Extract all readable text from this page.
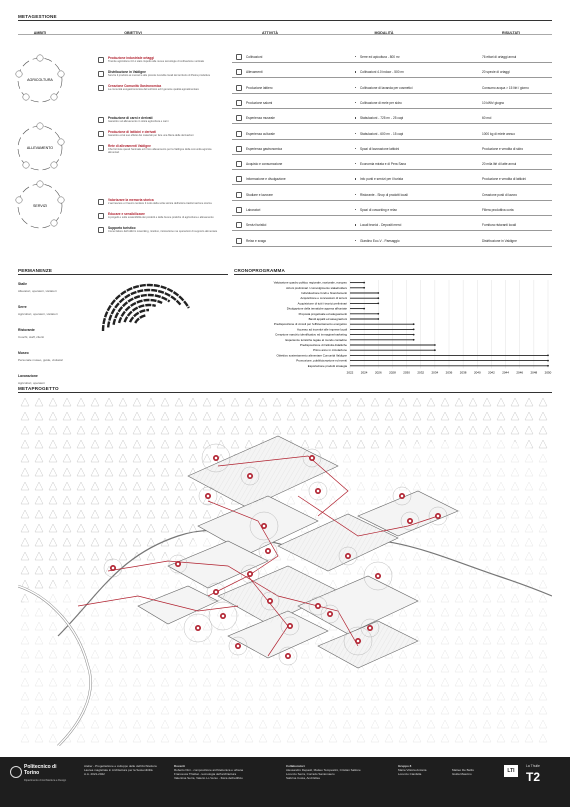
METAGESTIONE
AMBITI	OBIETTIVI	ATTIVITÀ	MODALITÀ	RISULTATI
AGRICOLTURA
ALLEVAMENTO
SERVIZI
Produzione industriale ortaggi
Tramite agricoltura 4.0 è stato rispetto alle nuove tecnologie di coltivazione verticale
Distribuzione in Valdigne
Servire il prodotto ai mercati e alle piccole rivendite locali del territorio di Pietra produttiva
Creazione Comunità Gastronomica
La comunità enogastronomica del territorio ed il genuine qualità agroalimentare
Produzione di carni e derivati
Garantire sul allevamento in ottica agricoltura e carni
Produzione di latticini e derivati
Garantire ed al suo effetto dei materiali per fare una filiera delle derivazioni
Rete di allevamenti Valdigne
Che fornisce questi l'animale ed il loro allevamento per la Valdigne della comunità agricola alimentari
Valorizzare la memoria storica
L'accrescere e il lavoro rendere il ruolo della volta storica dell'antica trasformazione storica
Educare e sensibilizzare
A progetti e sulle sostenibilità dei prodotti e delle buone pratiche di agricoltura e allevamento
Supporto turistico
Come fattore dell'utilizzo coworking, ricettivo, ristorazione ma operazioni di supporto alimentare
Coltivazioni	Serre ed apicoltura - 800 m²	76 ettari di ortaggi annui
Allevamenti	Coltivazioni 4.0 indoor - 500 m²	20 specie di ortaggi
Produzione lattiero	Coltivazione di lavanda per cosmetici	Consumo acqua > 15 litri / giorno
Produzione salumi	Coltivazione di mele per sidro	10 kWh/ giugno
Esperienza museale	Stabulazioni - 725 m² - 25 capi	60 mcl
Esperienza culturale	Stabulazioni - 600 m² - 15 capi	1000 kg di miele annuo
Esperienza gastronomica	Spazi di lavorazione latticini	Produzione e vendita di sidro
Acquisto e consumazione	Economia mirata e di Pera Sana	20 mila litri di latte annui
Informazione e divulgazione	Info punti e servizi per il turista	Produzione e vendita di latticini
Studiare e lavorare	Ristorante - Shop di prodotti locali	Creazione posti di lavoro
Laboratori	Spazi di coworking e relax	Filiera produttiva corta
Servizi turistici	Locali tecnici - Depositi merci	Fornitura ristoranti locali
Relax e svago	Giardino Eco-V - Paesaggio	Distribuzione in Valdigne
PERMANENZE
Stalle
Allevatori, operatori, visitatori
Serre
Agricoltori, operatori, visitatori
Ristorante
Cuochi, staff, clienti
Museo
Personale museo, guide, visitatori
Lavorazione
Agricoltori, operatori
CRONOPROGRAMMA
2022 2024 2026 2028 2030 2032 2034 2036 2038 2040 2042 2044 2046 2048 2050
Valutazione quadro politico regionale, nazionale, europeo
Azioni preliminari / coinvolgimento stakeholders
Individuazione fondi e finanziamenti
Acquisizione e concessioni di terreni
Acquisizione di tutti i tecnici preliminari
Divulgazione della tematiche appena affrontate
Proposta progettuale ed adeguamenti
Bandi appalti ed assegnazioni
Predisposizione di vincoli per l'efficientamento energetico
Accesso ad incentivi alle imprese locali
Creazione marchio identificativo ed immagine/marketing
Esperienze turistiche legate al mondo contadino
Predisposizione di l'attività didattiche
Primo anno in circolazione
Obiettivo sostentamento alimentare Comunità Valdigne
Promozione, pubblicizzazione ed eventi
Esportazione prodotti strategia
METAPROGETTO
Politecnico di Torino
Dipartimento di Architettura e Design
Atelier - Progettazione e sviluppo delle dell'Architettura
Laurea magistrale in Architettura per la Sostenibilità
A.A. 2021-2022
Docenti
Roberto Dini - composizione architettonica e urbana
Francesca Thiébat - tecnologia dell'architettura
Valentina Serra, Valerio Lo Verso - fisica dell'edificio
Collaboratori
Alessandro Depaoli, Matteo Tempestini, Cristian Sallone
Lorenzo Serra, Corrado Santomauro
Sabrina Costa, Andi Elisa
Gruppo 8
Maria Vittoria Antonia
Lorenzo Cianfella
Matteo De Bellis
Giulia Mascino	LTI
La Thuile
T2
